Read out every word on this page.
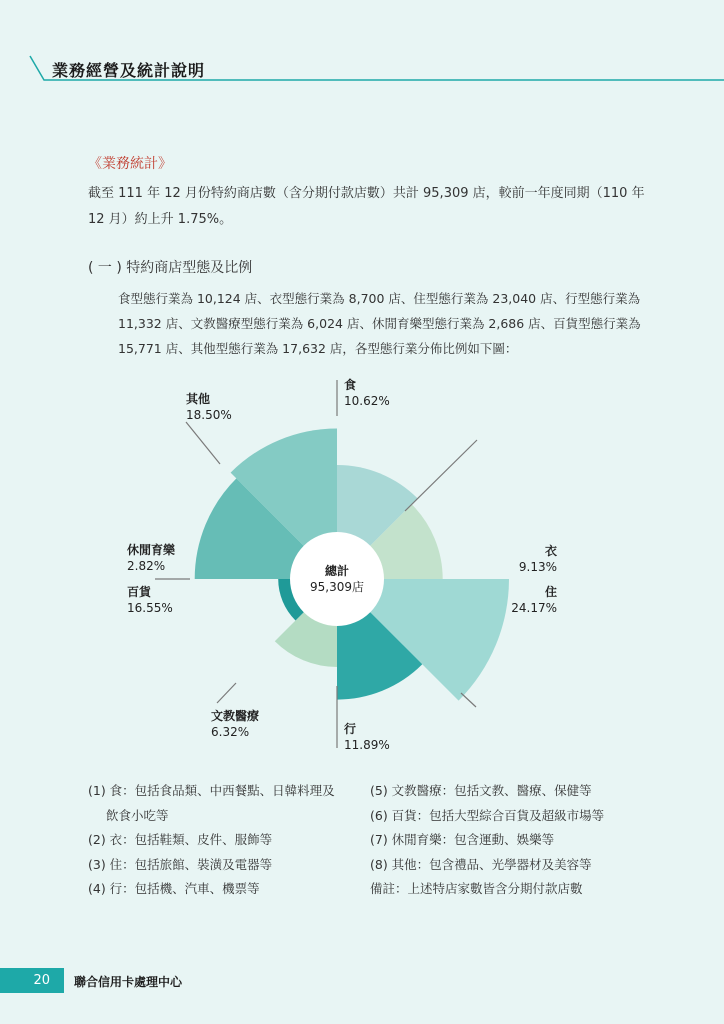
業務經營及統計說明
《業務統計》
截至 111 年 12 月份特約商店數（含分期付款店數）共計 95,309 店，較前一年度同期（110 年 12 月）約上升 1.75%。
( 一 ) 特約商店型態及比例
食型態行業為 10,124 店、衣型態行業為 8,700 店、住型態行業為 23,040 店、行型態行業為 11,332 店、文教醫療型態行業為 6,024 店、休閒育樂型態行業為 2,686 店、百貨型態行業為 15,771 店、其他型態行業為 17,632 店，各型態行業分佈比例如下圖：
總計
95,309店
食
10.62%
衣
9.13%
住
24.17%
行
11.89%
文教醫療
6.32%
休閒育樂
2.82%
百貨
16.55%
其他
18.50%
(1) 食：包括食品類、中西餐點、日韓料理及
飲食小吃等
(2) 衣：包括鞋類、皮件、服飾等
(3) 住：包括旅館、裝潢及電器等
(4) 行：包括機、汽車、機票等
(5) 文教醫療：包括文教、醫療、保健等
(6) 百貨：包括大型綜合百貨及超級市場等
(7) 休閒育樂：包含運動、娛樂等
(8) 其他：包含禮品、光學器材及美容等
備註：上述特店家數皆含分期付款店數
20	聯合信用卡處理中心
